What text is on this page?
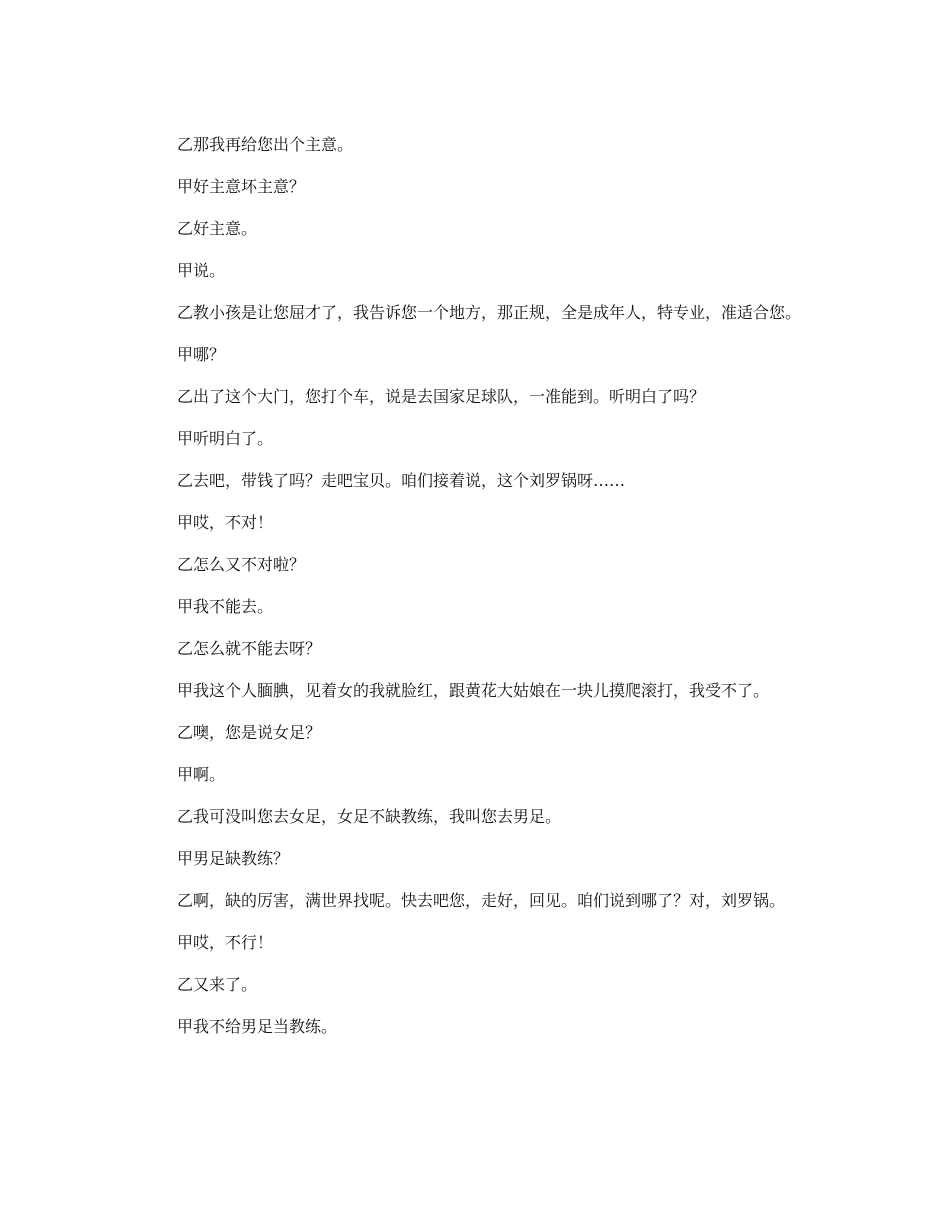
乙那我再给您出个主意。

甲好主意坏主意？

乙好主意。

甲说。

乙教小孩是让您屈才了，我告诉您一个地方，那正规，全是成年人，特专业，准适合您。

甲哪？

乙出了这个大门，您打个车，说是去国家足球队，一准能到。听明白了吗？

甲听明白了。

乙去吧，带钱了吗？走吧宝贝。咱们接着说，这个刘罗锅呀……

甲哎，不对！

乙怎么又不对啦？

甲我不能去。

乙怎么就不能去呀？

甲我这个人腼腆，见着女的我就脸红，跟黄花大姑娘在一块儿摸爬滚打，我受不了。

乙噢，您是说女足？

甲啊。

乙我可没叫您去女足，女足不缺教练，我叫您去男足。

甲男足缺教练？

乙啊，缺的厉害，满世界找呢。快去吧您，走好，回见。咱们说到哪了？对，刘罗锅。

甲哎，不行！

乙又来了。

甲我不给男足当教练。
